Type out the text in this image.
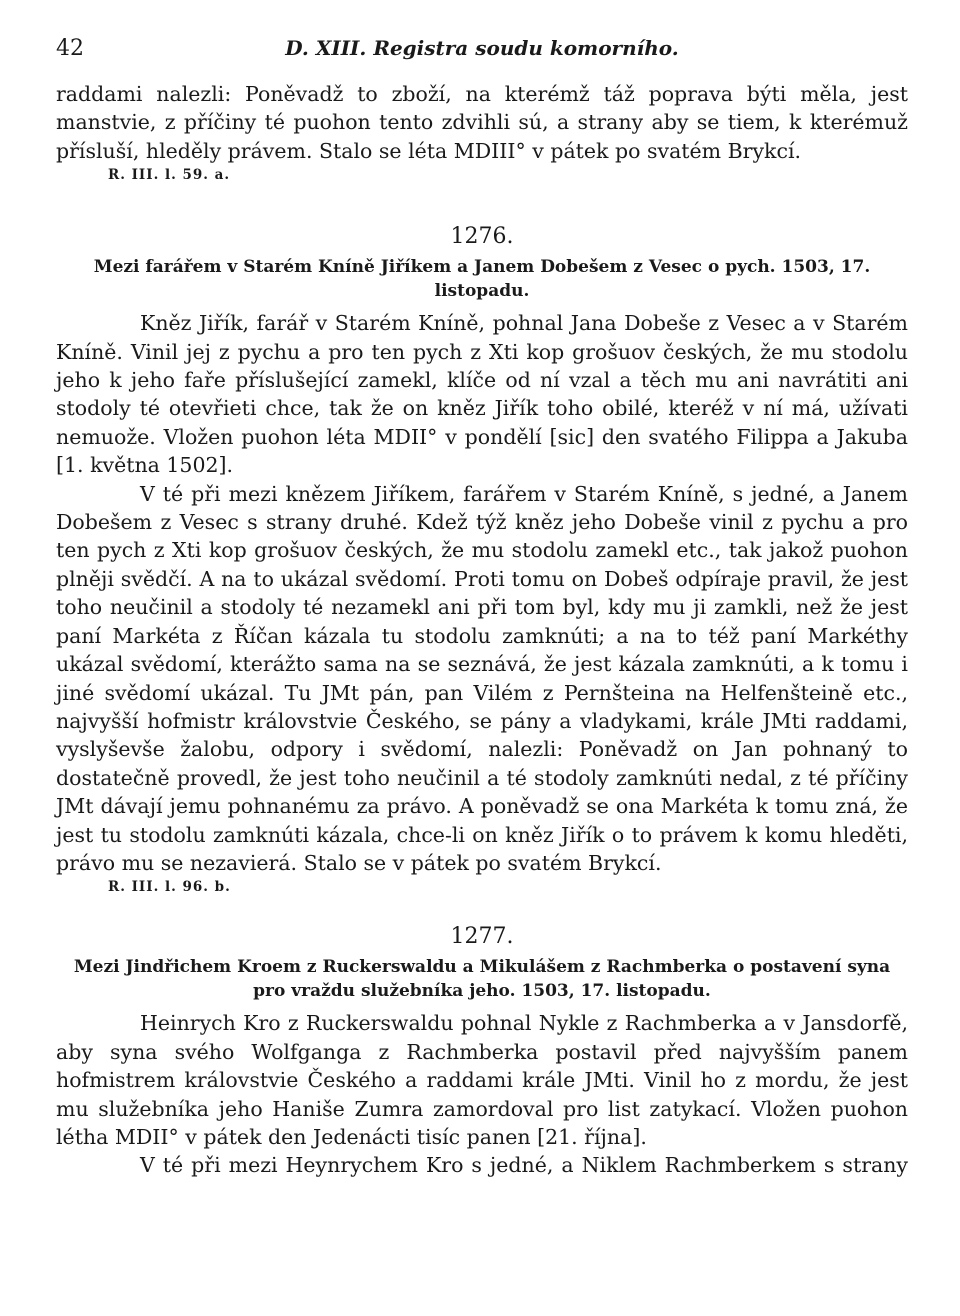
42	D. XIII. Registra soudu komorního.

raddami nalezli: Poněvadž to zboží, na kterémž táž poprava býti měla, jest manstvie, z příčiny té puohon tento zdvihli sú, a strany aby se tiem, k kterémuž přísluší, hleděly právem. Stalo se léta MDIII° v pátek po svatém Brykcí.

R. III. l. 59. a.

1276.

Mezi farářem v Starém Kníně Jiříkem a Janem Dobešem z Vesec o pych. 1503, 17. listopadu.

Kněz Jiřík, farář v Starém Kníně, pohnal Jana Dobeše z Vesec a v Starém Kníně. Vinil jej z pychu a pro ten pych z Xti kop grošuov českých, že mu stodolu jeho k jeho faře příslušející zamekl, klíče od ní vzal a těch mu ani navrátiti ani stodoly té otevřieti chce, tak že on kněz Jiřík toho obilé, kteréž v ní má, užívati nemuože. Vložen puohon léta MDII° v pondělí [sic] den svatého Filippa a Jakuba [1. května 1502].

V té při mezi knězem Jiříkem, farářem v Starém Kníně, s jedné, a Janem Dobešem z Vesec s strany druhé. Kdež týž kněz jeho Dobeše vinil z pychu a pro ten pych z Xti kop grošuov českých, že mu stodolu zamekl etc., tak jakož puohon plněji svědčí. A na to ukázal svědomí. Proti tomu on Dobeš odpíraje pravil, že jest toho neučinil a stodoly té nezamekl ani při tom byl, kdy mu ji zamkli, než že jest paní Markéta z Říčan kázala tu stodolu zamknúti; a na to též paní Markéthy ukázal svědomí, kterážto sama na se seznává, že jest kázala zamknúti, a k tomu i jiné svědomí ukázal. Tu JMt pán, pan Vilém z Pernšteina na Helfenšteině etc., najvyšší hofmistr královstvie Českého, se pány a vladykami, krále JMti raddami, vyslyševše žalobu, odpory i svědomí, nalezli: Poněvadž on Jan pohnaný to dostatečně provedl, že jest toho neučinil a té stodoly zamknúti nedal, z té příčiny JMt dávají jemu pohnanému za právo. A poněvadž se ona Markéta k tomu zná, že jest tu stodolu zamknúti kázala, chce-li on kněz Jiřík o to právem k komu hleděti, právo mu se nezavierá. Stalo se v pátek po svatém Brykcí.

R. III. l. 96. b.

1277.

Mezi Jindřichem Kroem z Ruckerswaldu a Mikulášem z Rachmberka o postavení syna pro vraždu služebníka jeho. 1503, 17. listopadu.

Heinrych Kro z Ruckerswaldu pohnal Nykle z Rachmberka a v Jansdorfě, aby syna svého Wolfganga z Rachmberka postavil před najvyšším panem hofmistrem královstvie Českého a raddami krále JMti. Vinil ho z mordu, že jest mu služebníka jeho Haniše Zumra zamordoval pro list zatykací. Vložen puohon létha MDII° v pátek den Jedenácti tisíc panen [21. října].

V té při mezi Heynrychem Kro s jedné, a Niklem Rachmberkem s strany
